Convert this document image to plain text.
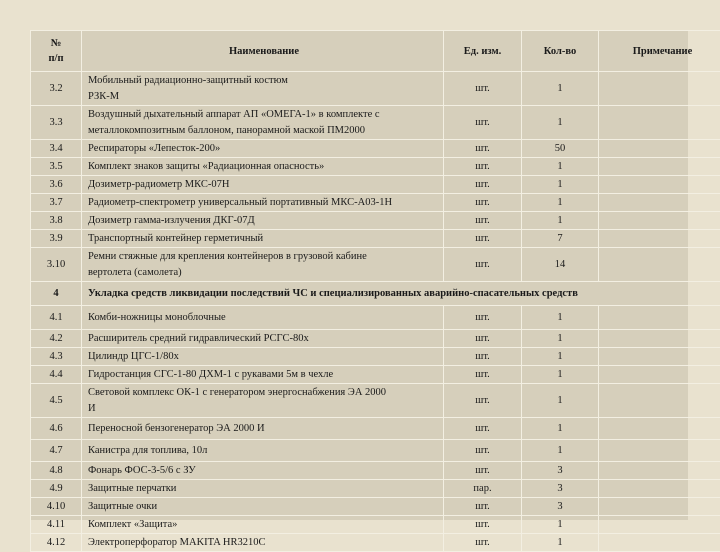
№
п/п	Наименование	Ед. изм.	Кол-во	Примечание
3.2	Мобильный радиационно-защитный костюм
РЗК-М	шт.	1	
3.3	Воздушный дыхательный аппарат АП «ОМЕГА-1» в комплекте с
металлокомпозитным баллоном, панорамной маской ПМ2000	шт.	1	
3.4	Респираторы «Лепесток-200»	шт.	50	
3.5	Комплект знаков защиты «Радиационная опасность»	шт.	1	
3.6	Дозиметр-радиометр МКС-07Н	шт.	1	
3.7	Радиометр-спектрометр универсальный портативный МКС-А03-1Н	шт.	1	
3.8	Дозиметр гамма-излучения ДКГ-07Д	шт.	1	
3.9	Транспортный контейнер герметичный	шт.	7	
3.10	Ремни стяжные для крепления контейнеров в грузовой кабине
вертолета (самолета)	шт.	14	
4	Укладка средств ликвидации последствий ЧС и специализированных аварийно-спасательных средств			
4.1	Комби-ножницы моноблочные	шт.	1	
4.2	Расширитель средний гидравлический РСГС-80х	шт.	1	
4.3	Цилиндр ЦГС-1/80х	шт.	1	
4.4	Гидростанция СГС-1-80 ДХМ-1 с рукавами 5м в чехле	шт.	1	
4.5	Световой комплекс ОК-1 с генератором энергоснабжения ЭА 2000
И	шт.	1	
4.6	Переносной бензогенератор ЭА 2000 И	шт.	1	
4.7	Канистра для топлива, 10л	шт.	1	
4.8	Фонарь ФОС-3-5/6 с ЗУ	шт.	3	
4.9	Защитные перчатки	пар.	3	
4.10	Защитные очки	шт.	3	
4.11	Комплект «Защита»	шт.	1	
4.12	Электроперфоратор MAKITA HR3210C	шт.	1	
